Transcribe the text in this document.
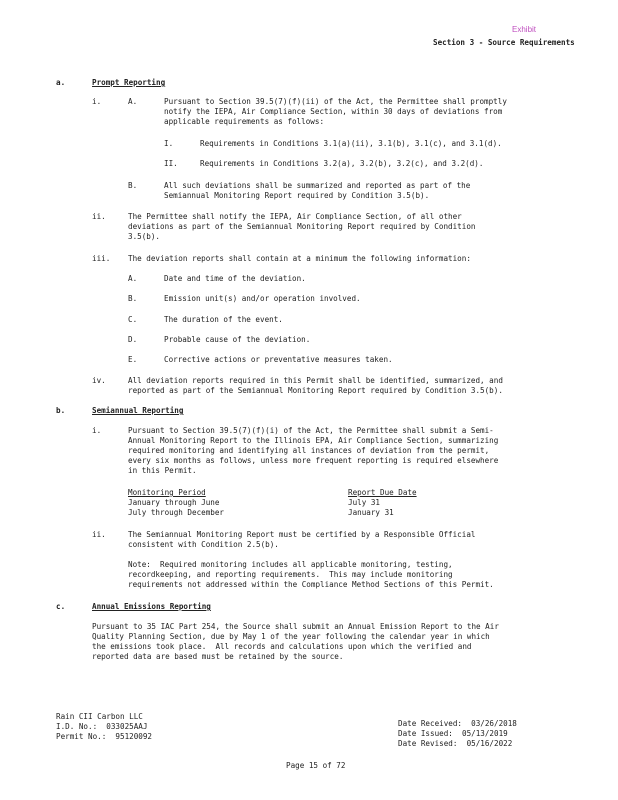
Exhibit
Section 3 - Source Requirements
a.	Prompt Reporting
i.	A.	Pursuant to Section 39.5(7)(f)(ii) of the Act, the Permittee shall promptly
notify the IEPA, Air Compliance Section, within 30 days of deviations from
applicable requirements as follows:
I.	Requirements in Conditions 3.1(a)(ii), 3.1(b), 3.1(c), and 3.1(d).
II.	Requirements in Conditions 3.2(a), 3.2(b), 3.2(c), and 3.2(d).
B.	All such deviations shall be summarized and reported as part of the
Semiannual Monitoring Report required by Condition 3.5(b).
ii.	The Permittee shall notify the IEPA, Air Compliance Section, of all other
deviations as part of the Semiannual Monitoring Report required by Condition
3.5(b).
iii. The deviation reports shall contain at a minimum the following information:
A.	Date and time of the deviation.
B.	Emission unit(s) and/or operation involved.
C.	The duration of the event.
D.	Probable cause of the deviation.
E.	Corrective actions or preventative measures taken.
iv.	All deviation reports required in this Permit shall be identified, summarized, and
reported as part of the Semiannual Monitoring Report required by Condition 3.5(b).
b.	Semiannual Reporting
i.	Pursuant to Section 39.5(7)(f)(i) of the Act, the Permittee shall submit a Semi-
Annual Monitoring Report to the Illinois EPA, Air Compliance Section, summarizing
required monitoring and identifying all instances of deviation from the permit,
every six months as follows, unless more frequent reporting is required elsewhere
in this Permit.
Monitoring Period	Report Due Date
January through June	July 31
July through December	January 31
ii.	The Semiannual Monitoring Report must be certified by a Responsible Official
consistent with Condition 2.5(b).
Note:  Required monitoring includes all applicable monitoring, testing,
recordkeeping, and reporting requirements.  This may include monitoring
requirements not addressed within the Compliance Method Sections of this Permit.
c.	Annual Emissions Reporting
Pursuant to 35 IAC Part 254, the Source shall submit an Annual Emission Report to the Air
Quality Planning Section, due by May 1 of the year following the calendar year in which
the emissions took place.  All records and calculations upon which the verified and
reported data are based must be retained by the source.
Rain CII Carbon LLC
I.D. No.:  033025AAJ
Permit No.:  95120092
Date Received:  03/26/2018
Date Issued:  05/13/2019
Date Revised:  05/16/2022
Page 15 of 72
